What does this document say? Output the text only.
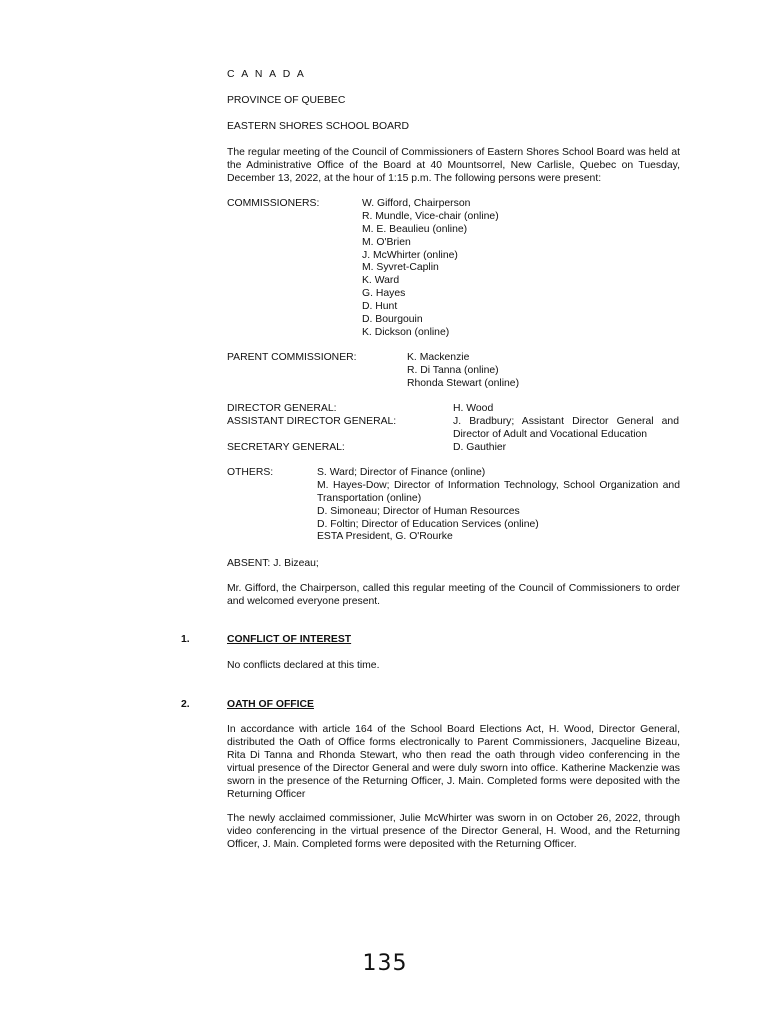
C A N A D A
PROVINCE OF QUEBEC
EASTERN SHORES SCHOOL BOARD
The regular meeting of the Council of Commissioners of Eastern Shores School Board was held at the Administrative Office of the Board at 40 Mountsorrel, New Carlisle, Quebec on Tuesday, December 13, 2022, at the hour of 1:15 p.m. The following persons were present:
COMMISSIONERS:	W. Gifford, Chairperson
R. Mundle, Vice-chair (online)
M. E. Beaulieu (online)
M. O'Brien
J. McWhirter (online)
M. Syvret-Caplin
K. Ward
G. Hayes
D. Hunt
D. Bourgouin
K. Dickson (online)
PARENT COMMISSIONER:	K. Mackenzie
R. Di Tanna (online)
Rhonda Stewart (online)
DIRECTOR GENERAL:	H. Wood
ASSISTANT DIRECTOR GENERAL:	J. Bradbury; Assistant Director General and
Director of Adult and Vocational Education
SECRETARY GENERAL:	D. Gauthier
OTHERS:	S. Ward; Director of Finance (online)
M. Hayes-Dow; Director of Information Technology, School Organization and Transportation (online)
D. Simoneau; Director of Human Resources
D. Foltin; Director of Education Services (online)
ESTA President, G. O'Rourke
ABSENT: J. Bizeau;
Mr. Gifford, the Chairperson, called this regular meeting of the Council of Commissioners to order and welcomed everyone present.
1.	CONFLICT OF INTEREST
No conflicts declared at this time.
2.	OATH OF OFFICE
In accordance with article 164 of the School Board Elections Act, H. Wood, Director General, distributed the Oath of Office forms electronically to Parent Commissioners, Jacqueline Bizeau, Rita Di Tanna and Rhonda Stewart, who then read the oath through video conferencing in the virtual presence of the Director General and were duly sworn into office. Katherine Mackenzie was sworn in the presence of the Returning Officer, J. Main. Completed forms were deposited with the Returning Officer
The newly acclaimed commissioner, Julie McWhirter was sworn in on October 26, 2022, through video conferencing in the virtual presence of the Director General, H. Wood, and the Returning Officer, J. Main. Completed forms were deposited with the Returning Officer.
135
